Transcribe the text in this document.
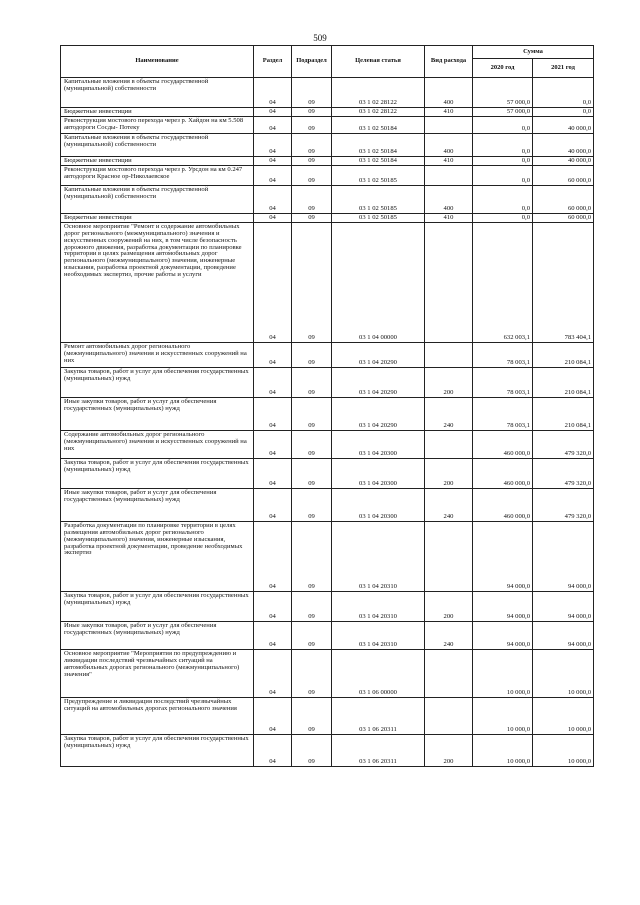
509
Наименование	Раздел	Подраздел	Целевая статья	Вид расхода	Сумма	
					2020 год	2021 год

Капитальные вложения в объекты государственной (муниципальной) собственности	04	09	03 1 02 28122	400	57 000,0	0,0

Бюджетные инвестиции	04	09	03 1 02 28122	410	57 000,0	0,0

Реконструкция мостового перехода через р. Хайдон на км 5.508 автодороги Сосды- Потеку	04	09	03 1 02 50184		0,0	40 000,0

Капитальные вложения в объекты государственной (муниципальной) собственности	04	09	03 1 02 50184	400	0,0	40 000,0

Бюджетные инвестиции	04	09	03 1 02 50184	410	0,0	40 000,0

Реконструкция мостового перехода через р. Урсдон на км 0.247 автодороги Красное ор-Николаевское	04	09	03 1 02 50185		0,0	60 000,0

Капитальные вложения в объекты государственной (муниципальной) собственности	04	09	03 1 02 50185	400	0,0	60 000,0

Бюджетные инвестиции	04	09	03 1 02 50185	410	0,0	60 000,0

Основное мероприятие "Ремонт и содержание автомобильных дорог регионального (межмуниципального) значения и искусственных сооружений на них, в том числе безопасность дорожного движения, разработка документации по планировке территории в целях размещения автомобильных дорог регионального (межмуниципального) значения, инженерные изыскания, разработка проектной документации, проведение необходимых экспертиз, прочие работы и услуги	04	09	03 1 04 00000		632 003,1	783 404,1

Ремонт автомобильных дорог регионального (межмуниципального) значения и искусственных сооружений на них	04	09	03 1 04 20290		78 003,1	210 084,1

Закупка товаров, работ и услуг для обеспечения государственных (муниципальных) нужд	04	09	03 1 04 20290	200	78 003,1	210 084,1

Иные закупки товаров, работ и услуг для обеспечения государственных (муниципальных) нужд	04	09	03 1 04 20290	240	78 003,1	210 084,1

Содержание автомобильных дорог регионального (межмуниципального) значения и искусственных сооружений на них	04	09	03 1 04 20300		460 000,0	479 320,0

Закупка товаров, работ и услуг для обеспечения государственных (муниципальных) нужд	04	09	03 1 04 20300	200	460 000,0	479 320,0

Иные закупки товаров, работ и услуг для обеспечения государственных (муниципальных) нужд	04	09	03 1 04 20300	240	460 000,0	479 320,0

Разработка документации по планировке территории в целях размещения автомобильных дорог регионального (межмуниципального) значения, инженерные изыскания, разработка проектной документации, проведение необходимых экспертиз	04	09	03 1 04 20310		94 000,0	94 000,0

Закупка товаров, работ и услуг для обеспечения государственных (муниципальных) нужд	04	09	03 1 04 20310	200	94 000,0	94 000,0

Иные закупки товаров, работ и услуг для обеспечения государственных (муниципальных) нужд	04	09	03 1 04 20310	240	94 000,0	94 000,0

Основное мероприятие "Мероприятия по предупреждению и ликвидации последствий чрезвычайных ситуаций на автомобильных дорогах регионального (межмуниципального) значения"	04	09	03 1 06 00000		10 000,0	10 000,0

Предупреждение и ликвидация последствий чрезвычайных ситуаций на автомобильных дорогах регионального значения	04	09	03 1 06 20311		10 000,0	10 000,0

Закупка товаров, работ и услуг для обеспечения государственных (муниципальных) нужд	04	09	03 1 06 20311	200	10 000,0	10 000,0
